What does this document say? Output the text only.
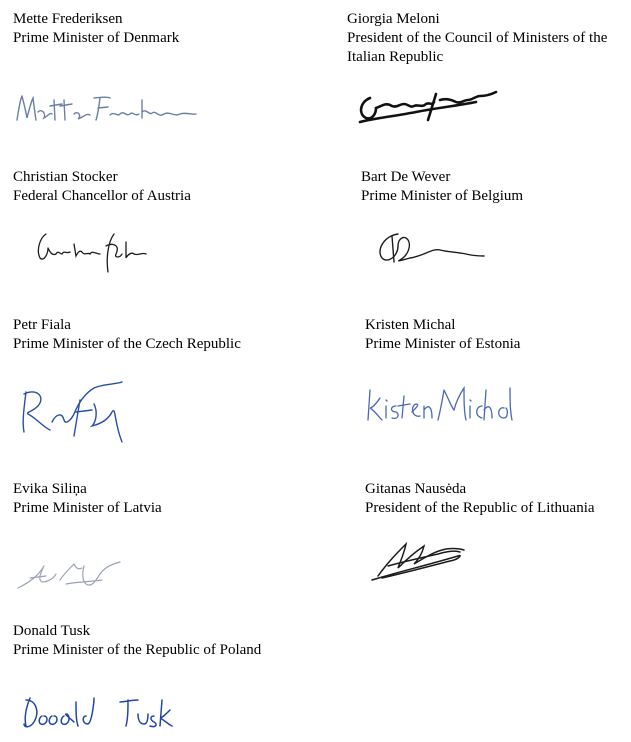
Mette Frederiksen
Prime Minister of Denmark
Giorgia Meloni
President of the Council of Ministers of the Italian Republic
Christian Stocker
Federal Chancellor of Austria
Bart De Wever
Prime Minister of Belgium
Petr Fiala
Prime Minister of the Czech Republic
Kristen Michal
Prime Minister of Estonia
Evika Siliņa
Prime Minister of Latvia
Gitanas Nausėda
President of the Republic of Lithuania
Donald Tusk
Prime Minister of the Republic of Poland
